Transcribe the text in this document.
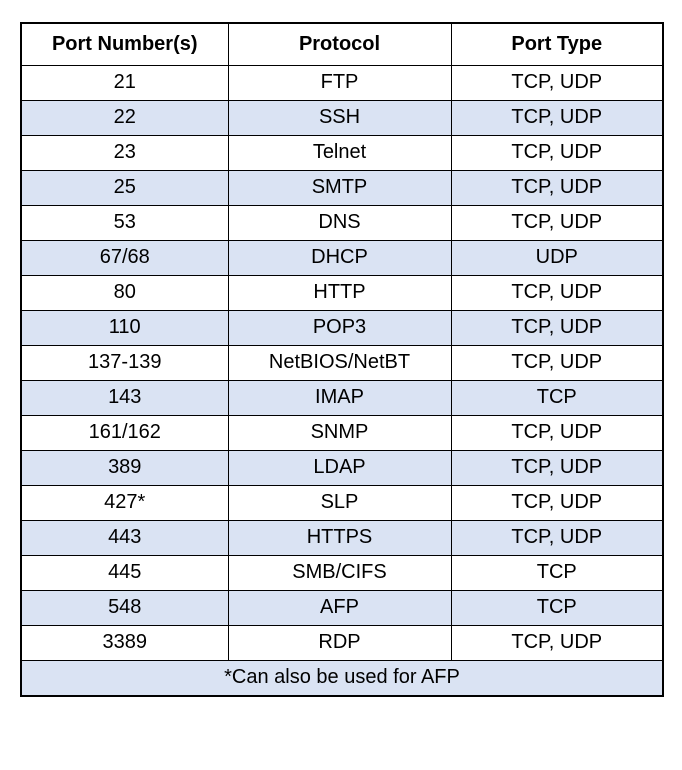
Port Number(s)	Protocol	Port Type
21	FTP	TCP, UDP
22	SSH	TCP, UDP
23	Telnet	TCP, UDP
25	SMTP	TCP, UDP
53	DNS	TCP, UDP
67/68	DHCP	UDP
80	HTTP	TCP, UDP
110	POP3	TCP, UDP
137-139	NetBIOS/NetBT	TCP, UDP
143	IMAP	TCP
161/162	SNMP	TCP, UDP
389	LDAP	TCP, UDP
427*	SLP	TCP, UDP
443	HTTPS	TCP, UDP
445	SMB/CIFS	TCP
548	AFP	TCP
3389	RDP	TCP, UDP
*Can also be used for AFP		
